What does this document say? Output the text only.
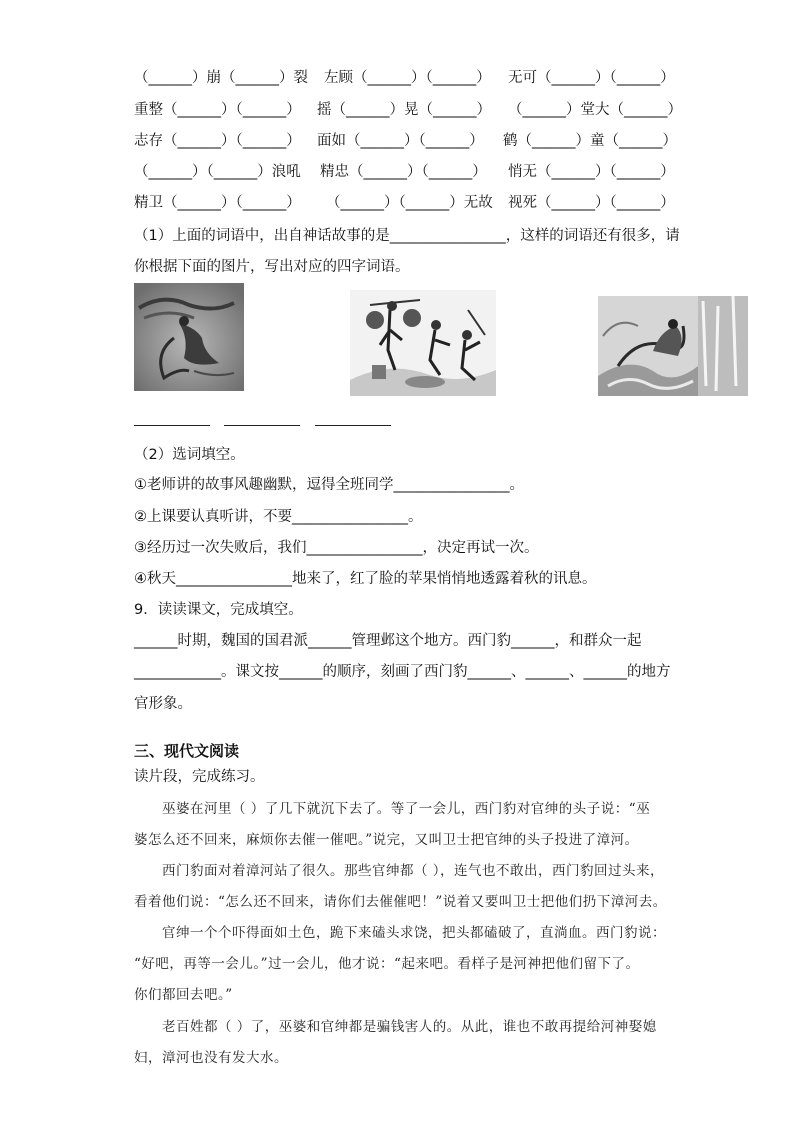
（______）崩（______）裂 左顾（______）（______） 无可（______）（______）
重整（______）（______） 摇（______）晃（______） （______）堂大（______）
志存（______）（______） 面如（______）（______） 鹤（______）童（______）
（______）（______）浪吼 精忠（______）（______） 悄无（______）（______）
精卫（______）（______） （______）（______）无故 视死（______）（______）
（1）上面的词语中，出自神话故事的是________________，这样的词语还有很多，请
你根据下面的图片，写出对应的四字词语。
（2）选词填空。
①老师讲的故事风趣幽默，逗得全班同学________________。
②上课要认真听讲，不要________________。
③经历过一次失败后，我们________________，决定再试一次。
④秋天________________地来了，红了脸的苹果悄悄地透露着秋的讯息。
9．读读课文，完成填空。
______时期，魏国的国君派______管理邺这个地方。西门豹______，和群众一起
____________。课文按______的顺序，刻画了西门豹______、______、______的地方
官形象。
三、现代文阅读
读片段，完成练习。
巫婆在河里（ ）了几下就沉下去了。等了一会儿，西门豹对官绅的头子说：“巫
婆怎么还不回来，麻烦你去催一催吧。”说完，又叫卫士把官绅的头子投进了漳河。
西门豹面对着漳河站了很久。那些官绅都（ ），连气也不敢出，西门豹回过头来，
看着他们说：“怎么还不回来，请你们去催催吧！”说着又要叫卫士把他们扔下漳河去。
官绅一个个吓得面如土色，跪下来磕头求饶，把头都磕破了，直淌血。西门豹说：
“好吧，再等一会儿。”过一会儿，他才说：“起来吧。看样子是河神把他们留下了。
你们都回去吧。”
老百姓都（ ）了，巫婆和官绅都是骗钱害人的。从此，谁也不敢再提给河神娶媳
妇，漳河也没有发大水。
